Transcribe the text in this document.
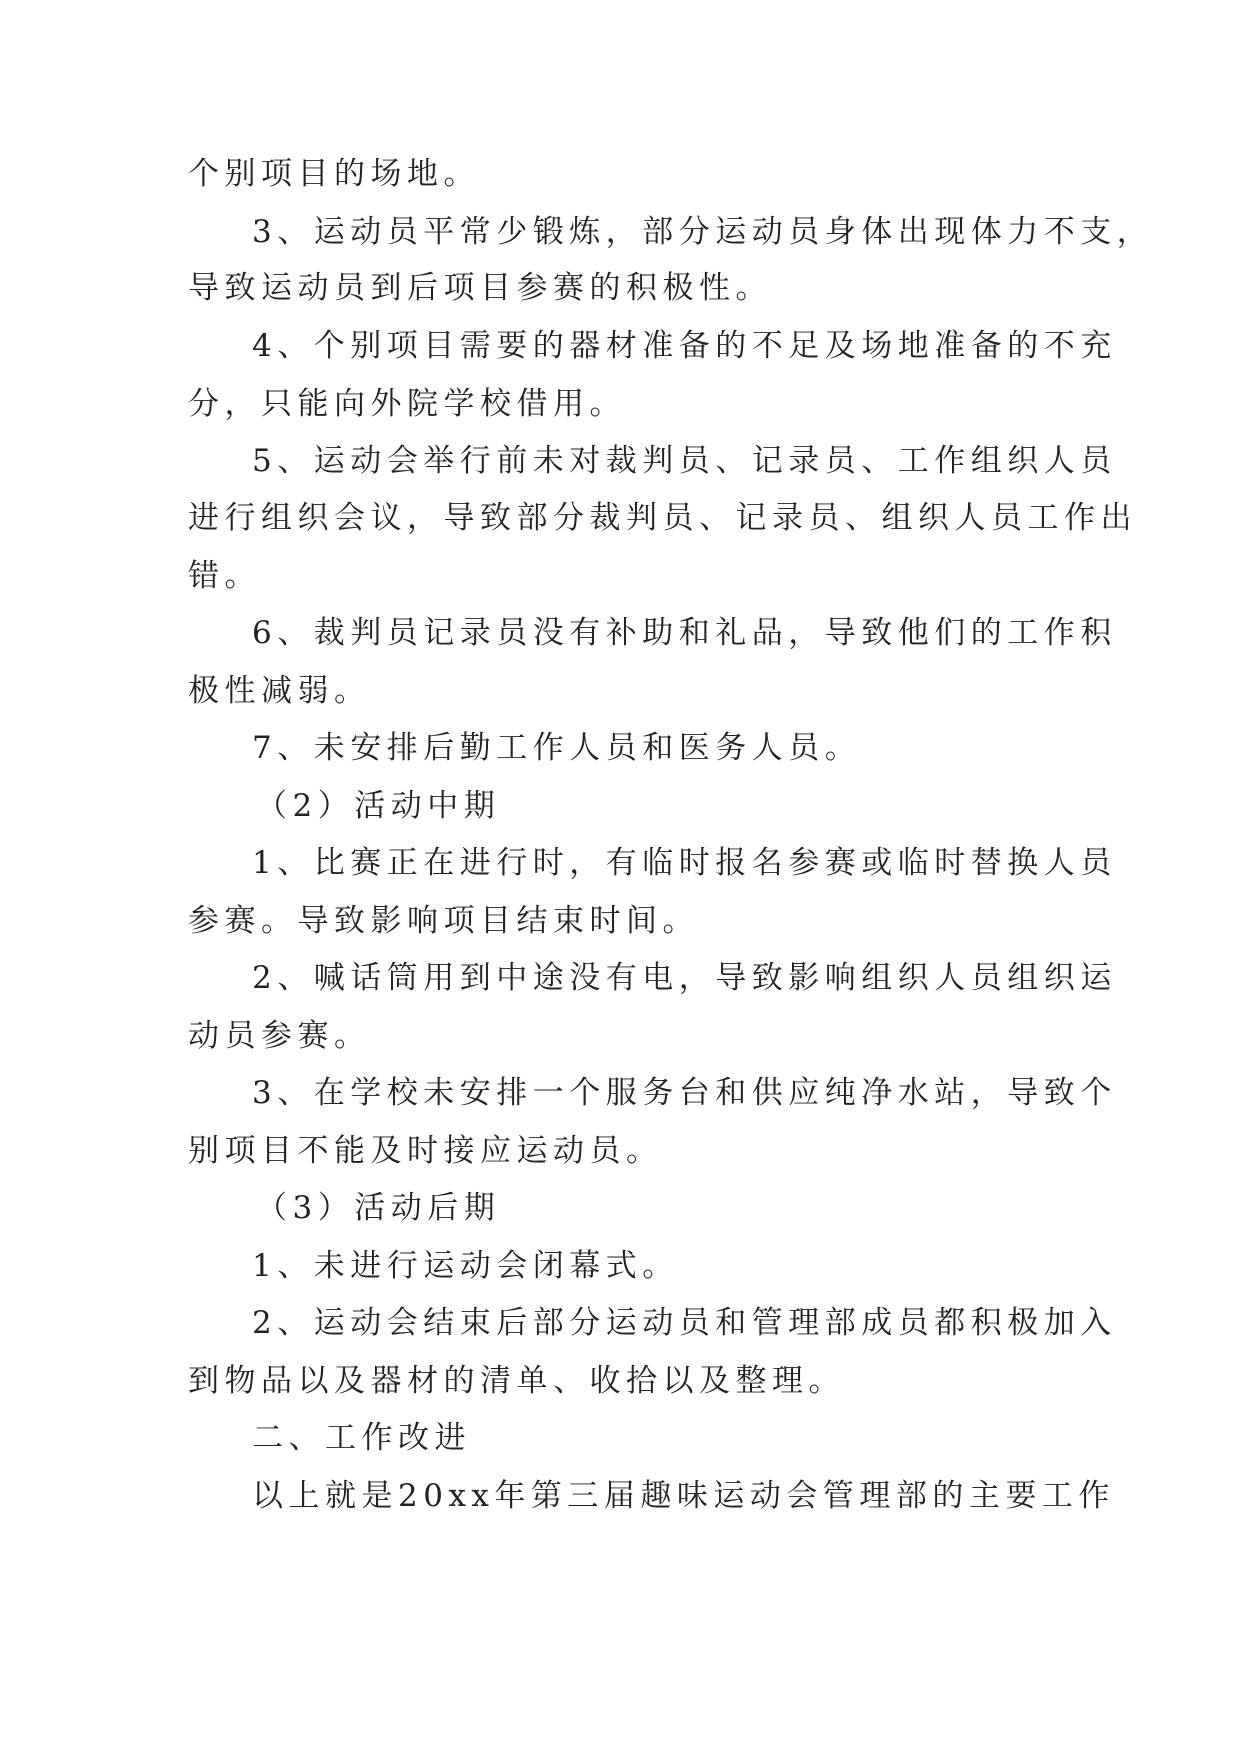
个别项目的场地。
3、运动员平常少锻炼，部分运动员身体出现体力不支，
导致运动员到后项目参赛的积极性。
4、个别项目需要的器材准备的不足及场地准备的不充
分，只能向外院学校借用。
5、运动会举行前未对裁判员、记录员、工作组织人员
进行组织会议，导致部分裁判员、记录员、组织人员工作出
错。
6、裁判员记录员没有补助和礼品，导致他们的工作积
极性减弱。
7、未安排后勤工作人员和医务人员。
（2）活动中期
1、比赛正在进行时，有临时报名参赛或临时替换人员
参赛。导致影响项目结束时间。
2、喊话筒用到中途没有电，导致影响组织人员组织运
动员参赛。
3、在学校未安排一个服务台和供应纯净水站，导致个
别项目不能及时接应运动员。
（3）活动后期
1、未进行运动会闭幕式。
2、运动会结束后部分运动员和管理部成员都积极加入
到物品以及器材的清单、收拾以及整理。
二、工作改进
以上就是20xx年第三届趣味运动会管理部的主要工作
